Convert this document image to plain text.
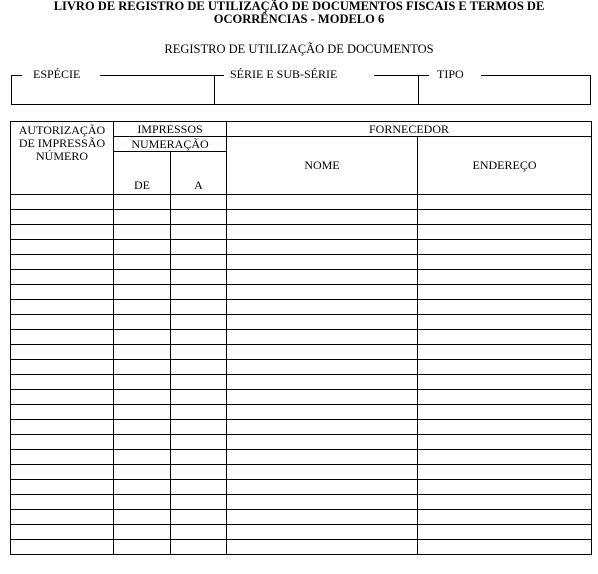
LIVRO DE REGISTRO DE UTILIZAÇÃO DE DOCUMENTOS FISCAIS E TERMOS DE
OCORRÊNCIAS - MODELO 6
REGISTRO DE UTILIZAÇÃO DE DOCUMENTOS
ESPÉCIE	SÉRIE E SUB-SÉRIE	TIPO
AUTORIZAÇÃO
DE IMPRESSÃO
NÚMERO	IMPRESSOS		FORNECEDOR	
	NUMERAÇÃO		NOME	ENDEREÇO
	DE	A		
